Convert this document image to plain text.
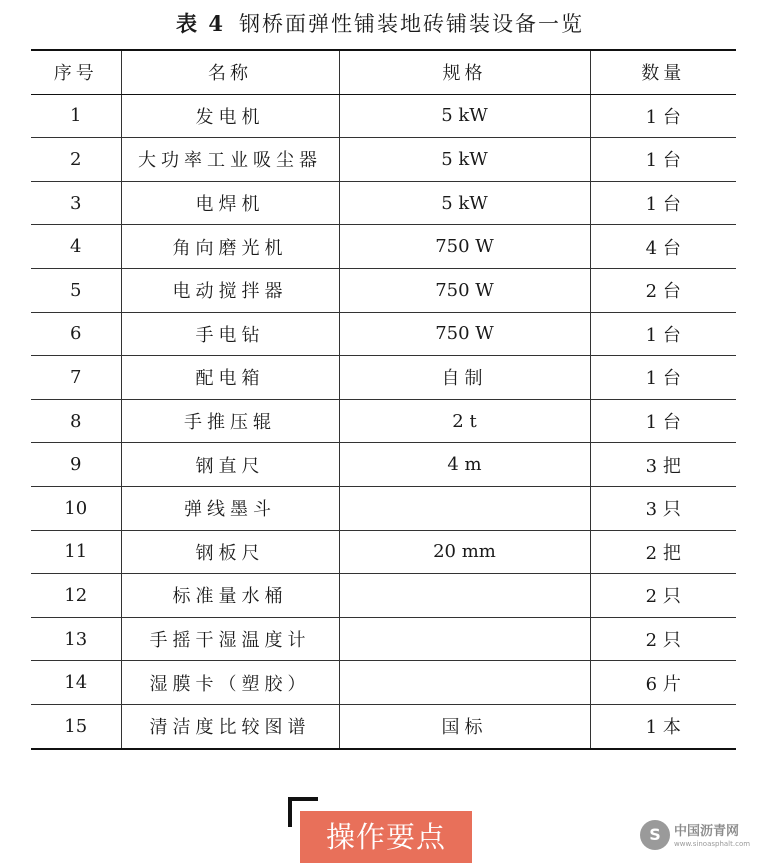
表 4 钢桥面弹性铺装地砖铺装设备一览
序号	名称	规格	数量
1	发电机	5 kW	1 台
2	大功率工业吸尘器	5 kW	1 台
3	电焊机	5 kW	1 台
4	角向磨光机	750 W	4 台
5	电动搅拌器	750 W	2 台
6	手电钻	750 W	1 台
7	配电箱	自制	1 台
8	手推压辊	2 t	1 台
9	钢直尺	4 m	3 把
10	弹线墨斗		3 只
11	钢板尺	20 mm	2 把
12	标准量水桶		2 只
13	手摇干湿温度计		2 只
14	湿膜卡（塑胶）		6 片
15	清洁度比较图谱	国标	1 本
操作要点	S	中国沥青网
www.sinoasphalt.com
